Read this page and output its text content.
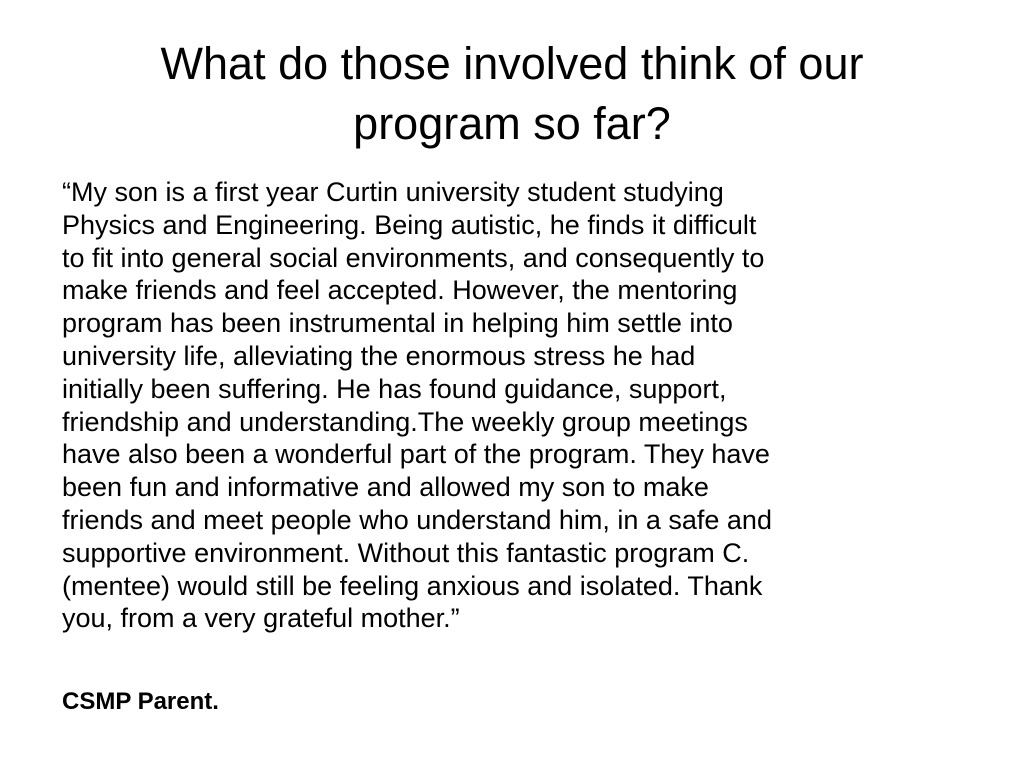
What do those involved think of our
program so far?
“My son is a first year Curtin university student studying
Physics and Engineering. Being autistic, he finds it difficult
to fit into general social environments, and consequently to
make friends and feel accepted. However, the mentoring
program has been instrumental in helping him settle into
university life, alleviating the enormous stress he had
initially been suffering. He has found guidance, support,
friendship and understanding.The weekly group meetings
have also been a wonderful part of the program. They have
been fun and informative and allowed my son to make
friends and meet people who understand him, in a safe and
supportive environment. Without this fantastic program C.
(mentee) would still be feeling anxious and isolated. Thank
you, from a very grateful mother.”

CSMP Parent.
